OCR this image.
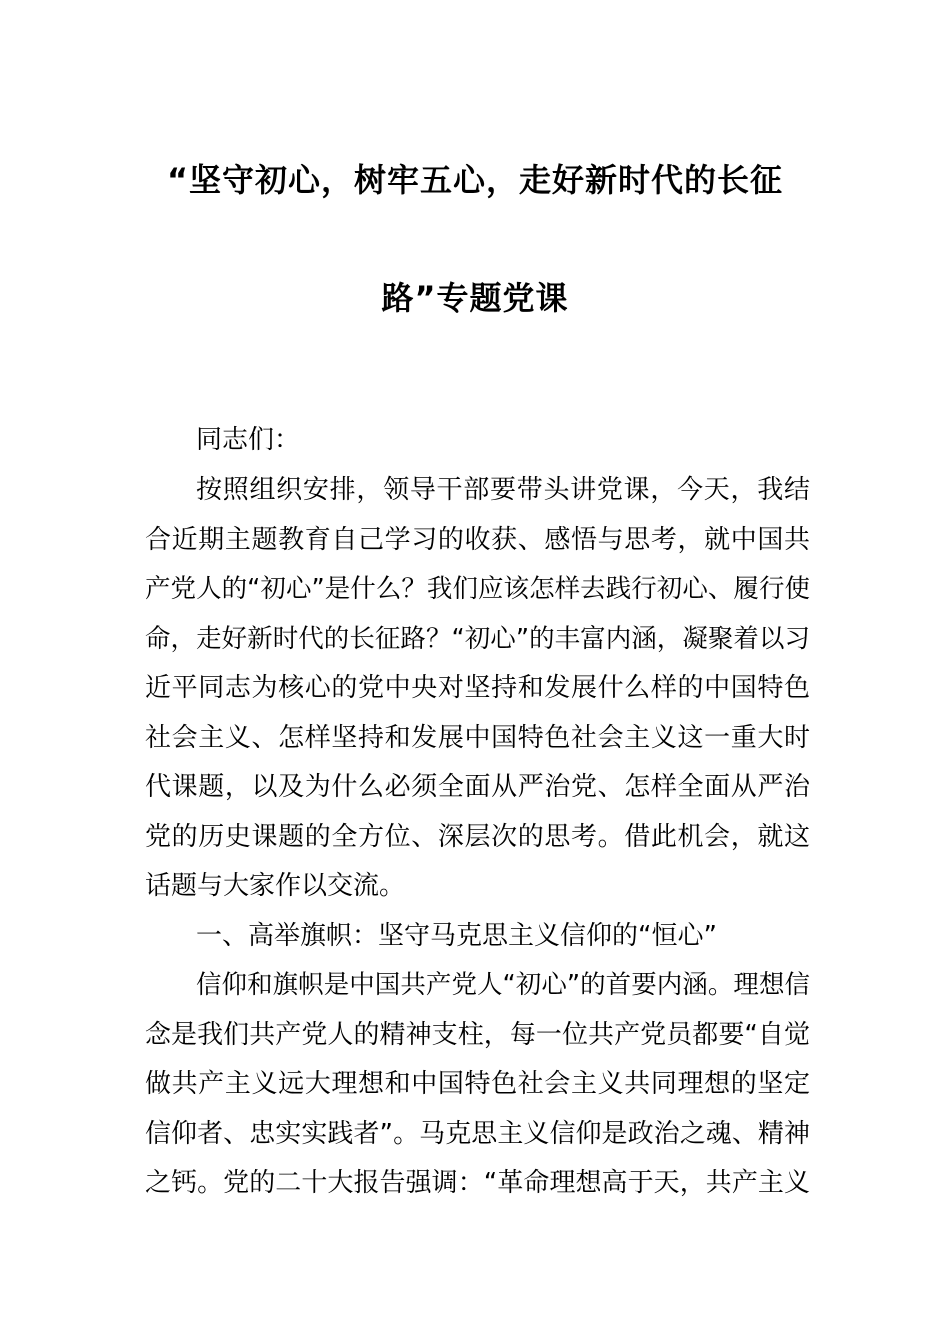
“坚守初心，树牢五心，走好新时代的长征
路”专题党课
同志们：
按照组织安排，领导干部要带头讲党课，今天，我结
合近期主题教育自己学习的收获、感悟与思考，就中国共
产党人的“初心”是什么？我们应该怎样去践行初心、履行使
命，走好新时代的长征路？“初心”的丰富内涵，凝聚着以习
近平同志为核心的党中央对坚持和发展什么样的中国特色
社会主义、怎样坚持和发展中国特色社会主义这一重大时
代课题，以及为什么必须全面从严治党、怎样全面从严治
党的历史课题的全方位、深层次的思考。借此机会，就这
话题与大家作以交流。
一、高举旗帜：坚守马克思主义信仰的“恒心”
信仰和旗帜是中国共产党人“初心”的首要内涵。理想信
念是我们共产党人的精神支柱，每一位共产党员都要“自觉
做共产主义远大理想和中国特色社会主义共同理想的坚定
信仰者、忠实实践者”。马克思主义信仰是政治之魂、精神
之钙。党的二十大报告强调：“革命理想高于天，共产主义
